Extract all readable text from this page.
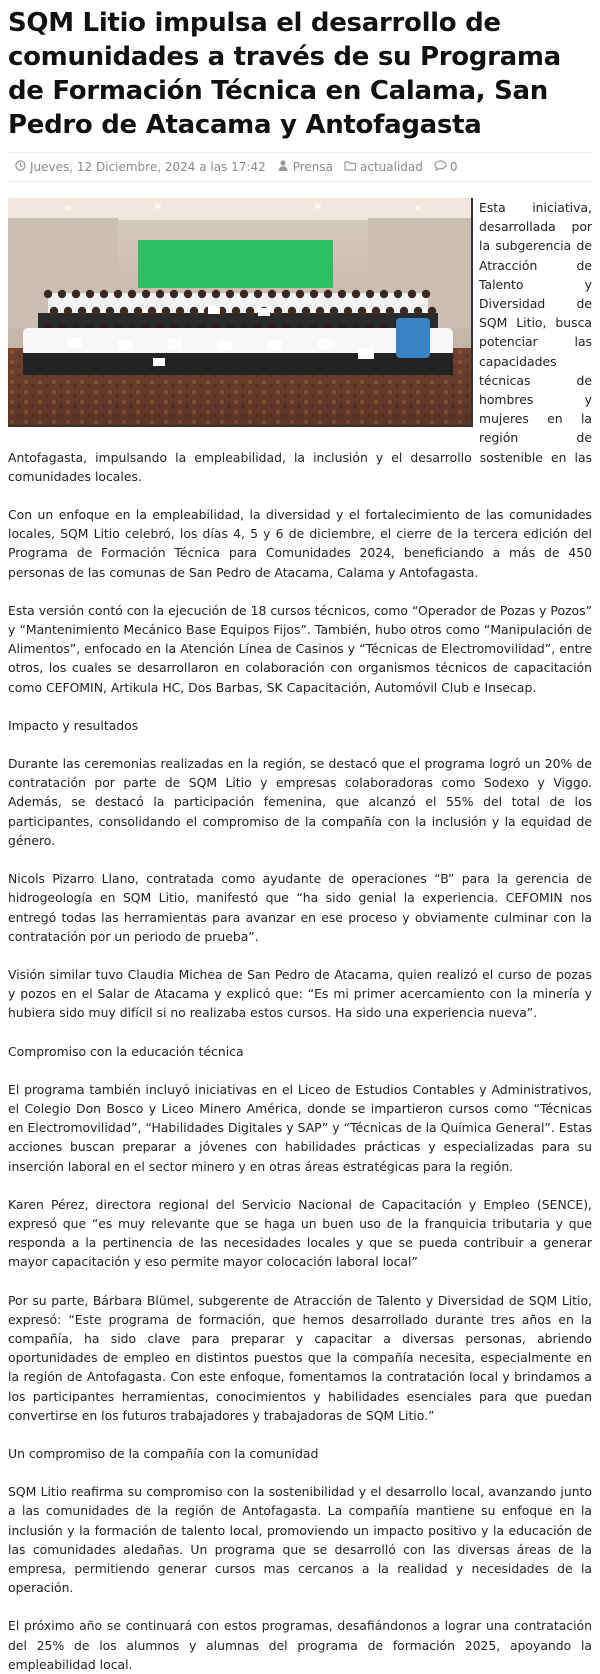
SQM Litio impulsa el desarrollo de comunidades a través de su Programa de Formación Técnica en Calama, San Pedro de Atacama y Antofagasta
Jueves, 12 Diciembre, 2024 a las 17:42 Prensa actualidad 0

Esta iniciativa, desarrollada por la subgerencia de Atracción de Talento y Diversidad de SQM Litio, busca potenciar las capacidades técnicas de hombres y mujeres en la región de Antofagasta, impulsando la empleabilidad, la inclusión y el desarrollo sostenible en las comunidades locales.

Con un enfoque en la empleabilidad, la diversidad y el fortalecimiento de las comunidades locales, SQM Litio celebró, los días 4, 5 y 6 de diciembre, el cierre de la tercera edición del Programa de Formación Técnica para Comunidades 2024, beneficiando a más de 450 personas de las comunas de San Pedro de Atacama, Calama y Antofagasta.

Esta versión contó con la ejecución de 18 cursos técnicos, como “Operador de Pozas y Pozos” y “Mantenimiento Mecánico Base Equipos Fijos”. También, hubo otros como “Manipulación de Alimentos”, enfocado en la Atención Línea de Casinos y “Técnicas de Electromovilidad”, entre otros, los cuales se desarrollaron en colaboración con organismos técnicos de capacitación como CEFOMIN, Artikula HC, Dos Barbas, SK Capacitación, Automóvil Club e Insecap.

Impacto y resultados

Durante las ceremonias realizadas en la región, se destacó que el programa logró un 20% de contratación por parte de SQM Litio y empresas colaboradoras como Sodexo y Viggo. Además, se destacó la participación femenina, que alcanzó el 55% del total de los participantes, consolidando el compromiso de la compañía con la inclusión y la equidad de género.

Nicols Pizarro Llano, contratada como ayudante de operaciones “B” para la gerencia de hidrogeología en SQM Litio, manifestó que “ha sido genial la experiencia. CEFOMIN nos entregó todas las herramientas para avanzar en ese proceso y obviamente culminar con la contratación por un periodo de prueba”.

Visión similar tuvo Claudia Michea de San Pedro de Atacama, quien realizó el curso de pozas y pozos en el Salar de Atacama y explicó que: “Es mi primer acercamiento con la minería y hubiera sido muy difícil si no realizaba estos cursos. Ha sido una experiencia nueva”.

Compromiso con la educación técnica

El programa también incluyó iniciativas en el Liceo de Estudios Contables y Administrativos, el Colegio Don Bosco y Liceo Minero América, donde se impartieron cursos como “Técnicas en Electromovilidad”, “Habilidades Digitales y SAP” y “Técnicas de la Química General”. Estas acciones buscan preparar a jóvenes con habilidades prácticas y especializadas para su inserción laboral en el sector minero y en otras áreas estratégicas para la región.

Karen Pérez, directora regional del Servicio Nacional de Capacitación y Empleo (SENCE), expresó que “es muy relevante que se haga un buen uso de la franquicia tributaria y que responda a la pertinencia de las necesidades locales y que se pueda contribuir a generar mayor capacitación y eso permite mayor colocación laboral local”

Por su parte, Bárbara Blümel, subgerente de Atracción de Talento y Diversidad de SQM Litio, expresó: “Este programa de formación, que hemos desarrollado durante tres años en la compañía, ha sido clave para preparar y capacitar a diversas personas, abriendo oportunidades de empleo en distintos puestos que la compañía necesita, especialmente en la región de Antofagasta. Con este enfoque, fomentamos la contratación local y brindamos a los participantes herramientas, conocimientos y habilidades esenciales para que puedan convertirse en los futuros trabajadores y trabajadoras de SQM Litio.”

Un compromiso de la compañía con la comunidad

SQM Litio reafirma su compromiso con la sostenibilidad y el desarrollo local, avanzando junto a las comunidades de la región de Antofagasta. La compañía mantiene su enfoque en la inclusión y la formación de talento local, promoviendo un impacto positivo y la educación de las comunidades aledañas. Un programa que se desarrolló con las diversas áreas de la empresa, permitiendo generar cursos mas cercanos a la realidad y necesidades de la operación.

El próximo año se continuará con estos programas, desafiándonos a lograr una contratación del 25% de los alumnos y alumnas del programa de formación 2025, apoyando la empleabilidad local.
